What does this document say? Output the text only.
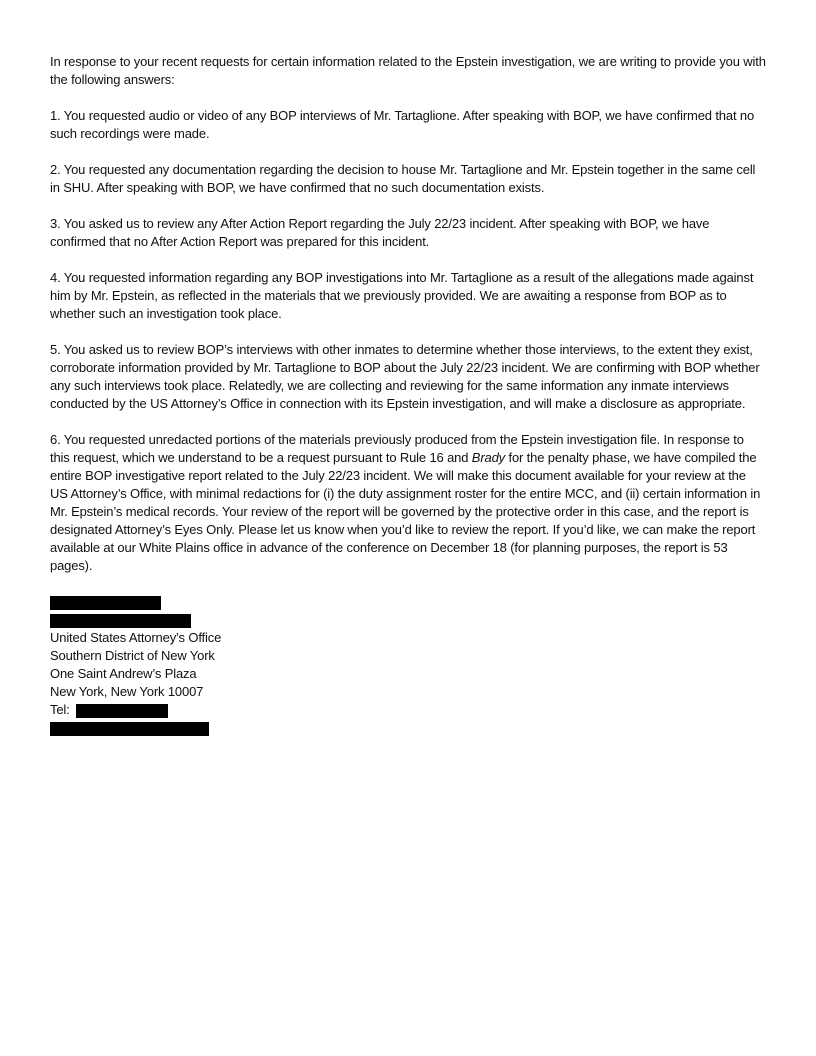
In response to your recent requests for certain information related to the Epstein investigation, we are writing to provide you with the following answers:

1. You requested audio or video of any BOP interviews of Mr. Tartaglione. After speaking with BOP, we have confirmed that no such recordings were made.

2. You requested any documentation regarding the decision to house Mr. Tartaglione and Mr. Epstein together in the same cell in SHU. After speaking with BOP, we have confirmed that no such documentation exists.

3. You asked us to review any After Action Report regarding the July 22/23 incident. After speaking with BOP, we have confirmed that no After Action Report was prepared for this incident.

4. You requested information regarding any BOP investigations into Mr. Tartaglione as a result of the allegations made against him by Mr. Epstein, as reflected in the materials that we previously provided. We are awaiting a response from BOP as to whether such an investigation took place.

5. You asked us to review BOP’s interviews with other inmates to determine whether those interviews, to the extent they exist, corroborate information provided by Mr. Tartaglione to BOP about the July 22/23 incident. We are confirming with BOP whether any such interviews took place. Relatedly, we are collecting and reviewing for the same information any inmate interviews conducted by the US Attorney’s Office in connection with its Epstein investigation, and will make a disclosure as appropriate.

6. You requested unredacted portions of the materials previously produced from the Epstein investigation file. In response to this request, which we understand to be a request pursuant to Rule 16 and Brady for the penalty phase, we have compiled the entire BOP investigative report related to the July 22/23 incident. We will make this document available for your review at the US Attorney’s Office, with minimal redactions for (i) the duty assignment roster for the entire MCC, and (ii) certain information in Mr. Epstein’s medical records. Your review of the report will be governed by the protective order in this case, and the report is designated Attorney’s Eyes Only. Please let us know when you’d like to review the report. If you’d like, we can make the report available at our White Plains office in advance of the conference on December 18 (for planning purposes, the report is 53 pages).

United States Attorney’s Office
Southern District of New York
One Saint Andrew’s Plaza
New York, New York 10007
Tel:
